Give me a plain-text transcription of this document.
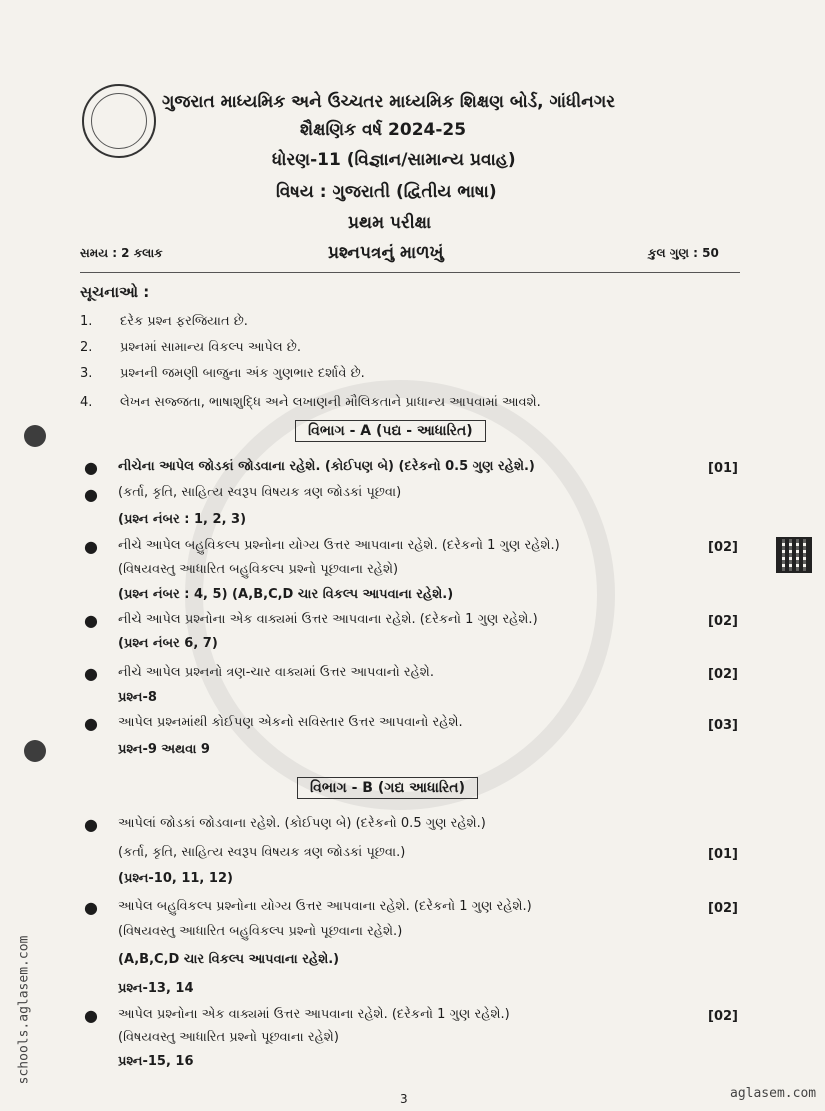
ગુજરાત માધ્યમિક અને ઉચ્ચતર માધ્યમિક શિક્ષણ બોર્ડ, ગાંધીનગર
શૈક્ષણિક વર્ષ 2024-25
ધોરણ-11 (વિજ્ઞાન/સામાન્ય પ્રવાહ)
વિષય : ગુજરાતી (દ્વિતીય ભાષા)
પ્રથમ પરીક્ષા
સમય : 2 કલાક	પ્રશ્નપત્રનું માળખું	કુલ ગુણ : 50
સૂચનાઓ :
1. દરેક પ્રશ્ન ફરજિયાત છે.
2. પ્રશ્નમાં સામાન્ય વિકલ્પ આપેલ છે.
3. પ્રશ્નની જમણી બાજુના અંક ગુણભાર દર્શાવે છે.
4. લેખન સજ્જતા, ભાષાશુદ્ધિ અને લખાણની મૌલિકતાને પ્રાધાન્ય આપવામાં આવશે.
વિભાગ - A (પદ્ય - આધારિત)
● નીચેના આપેલ જોડકાં જોડવાના રહેશે. (કોઈપણ બે) (દરેકનો 0.5 ગુણ રહેશે.)	[01]
● (કર્તા, કૃતિ, સાહિત્ય સ્વરૂપ વિષયક ત્રણ જોડકાં પૂછવા)
(પ્રશ્ન નંબર : 1, 2, 3)
● નીચે આપેલ બહુવિકલ્પ પ્રશ્નોના યોગ્ય ઉત્તર આપવાના રહેશે. (દરેકનો 1 ગુણ રહેશે.)	[02]
(વિષયવસ્તુ આધારિત બહુવિકલ્પ પ્રશ્નો પૂછવાના રહેશે)
(પ્રશ્ન નંબર : 4, 5) (A,B,C,D ચાર વિકલ્પ આપવાના રહેશે.)
● નીચે આપેલ પ્રશ્નોના એક વાક્યમાં ઉત્તર આપવાના રહેશે. (દરેકનો 1 ગુણ રહેશે.)	[02]
(પ્રશ્ન નંબર 6, 7)
● નીચે આપેલ પ્રશ્નનો ત્રણ-ચાર વાક્યમાં ઉત્તર આપવાનો રહેશે.	[02]
પ્રશ્ન-8
● આપેલ પ્રશ્નમાંથી કોઈપણ એકનો સવિસ્તાર ઉત્તર આપવાનો રહેશે.	[03]
પ્રશ્ન-9 અથવા 9
વિભાગ - B (ગદ્ય આધારિત)
● આપેલાં જોડકાં જોડવાના રહેશે. (કોઈપણ બે) (દરેકનો 0.5 ગુણ રહેશે.)
(કર્તા, કૃતિ, સાહિત્ય સ્વરૂપ વિષયક ત્રણ જોડકાં પૂછવા.)	[01]
(પ્રશ્ન-10, 11, 12)
● આપેલ બહુવિકલ્પ પ્રશ્નોના યોગ્ય ઉત્તર આપવાના રહેશે. (દરેકનો 1 ગુણ રહેશે.)	[02]
(વિષયવસ્તુ આધારિત બહુવિકલ્પ પ્રશ્નો પૂછવાના રહેશે.)
(A,B,C,D ચાર વિકલ્પ આપવાના રહેશે.)
પ્રશ્ન-13, 14
● આપેલ પ્રશ્નોના એક વાક્યમાં ઉત્તર આપવાના રહેશે. (દરેકનો 1 ગુણ રહેશે.)	[02]
(વિષયવસ્તુ આધારિત પ્રશ્નો પૂછવાના રહેશે)
પ્રશ્ન-15, 16
3
schools.aglasem.com
aglasem.com
